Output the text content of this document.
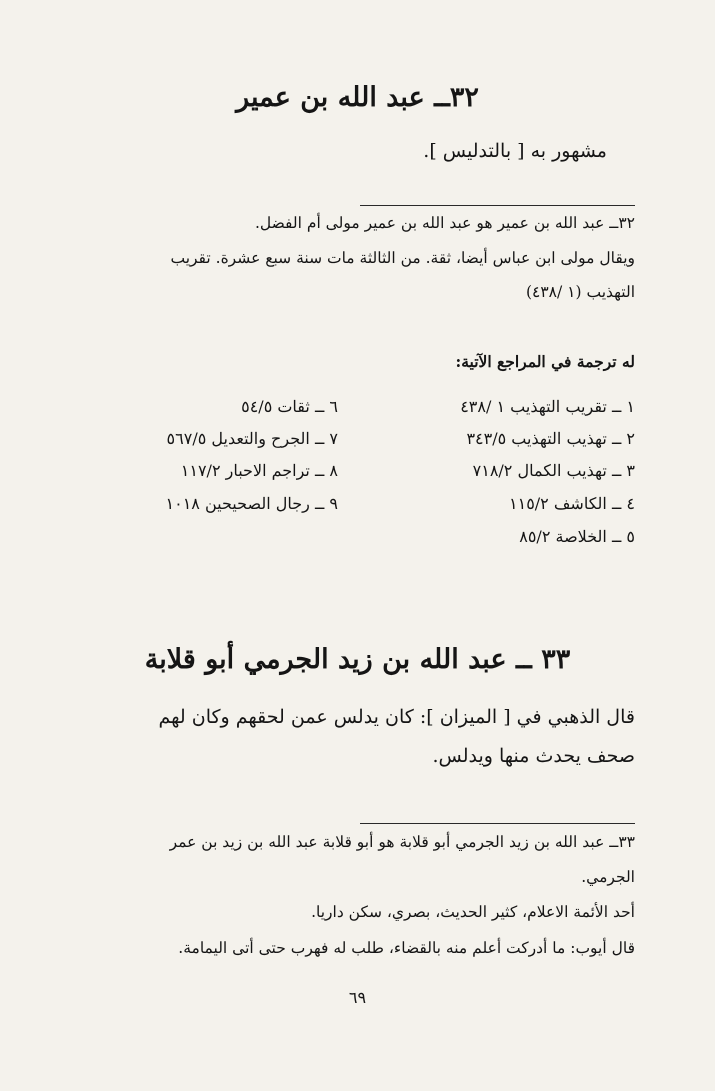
٣٢ــ عبد الله بن عمير
مشهور به [ بالتدليس ].
٣٢ــ عبد الله بن عمير هو عبد الله بن عمير مولى أم الفضل.
ويقال مولى ابن عباس أيضا، ثقة. من الثالثة مات سنة سبع عشرة. تقريب
التهذيب (١ /٤٣٨)
له ترجمة في المراجع الآتية:
١ ــ تقريب التهذيب ١ /٤٣٨
٢ ــ تهذيب التهذيب ٣٤٣/٥
٣ ــ تهذيب الكمال ٧١٨/٢
٤ ــ الكاشف ١١٥/٢
٥ ــ الخلاصة ٨٥/٢
٦ ــ ثقات ٥٤/٥
٧ ــ الجرح والتعديل ٥٦٧/٥
٨ ــ تراجم الاحبار ١١٧/٢
٩ ــ رجال الصحيحين ١٠١٨
٣٣ ــ عبد الله بن زيد الجرمي أبو قلابة
قال الذهبي في [ الميزان ]: كان يدلس عمن لحقهم وكان لهم
صحف يحدث منها ويدلس.
٣٣ــ عبد الله بن زيد الجرمي أبو قلابة هو أبو قلابة عبد الله بن زيد بن عمر
الجرمي.
أحد الأئمة الاعلام، كثير الحديث، بصري، سكن داريا.
قال أيوب: ما أدركت أعلم منه بالقضاء، طلب له فهرب حتى أتى اليمامة.
٦٩
